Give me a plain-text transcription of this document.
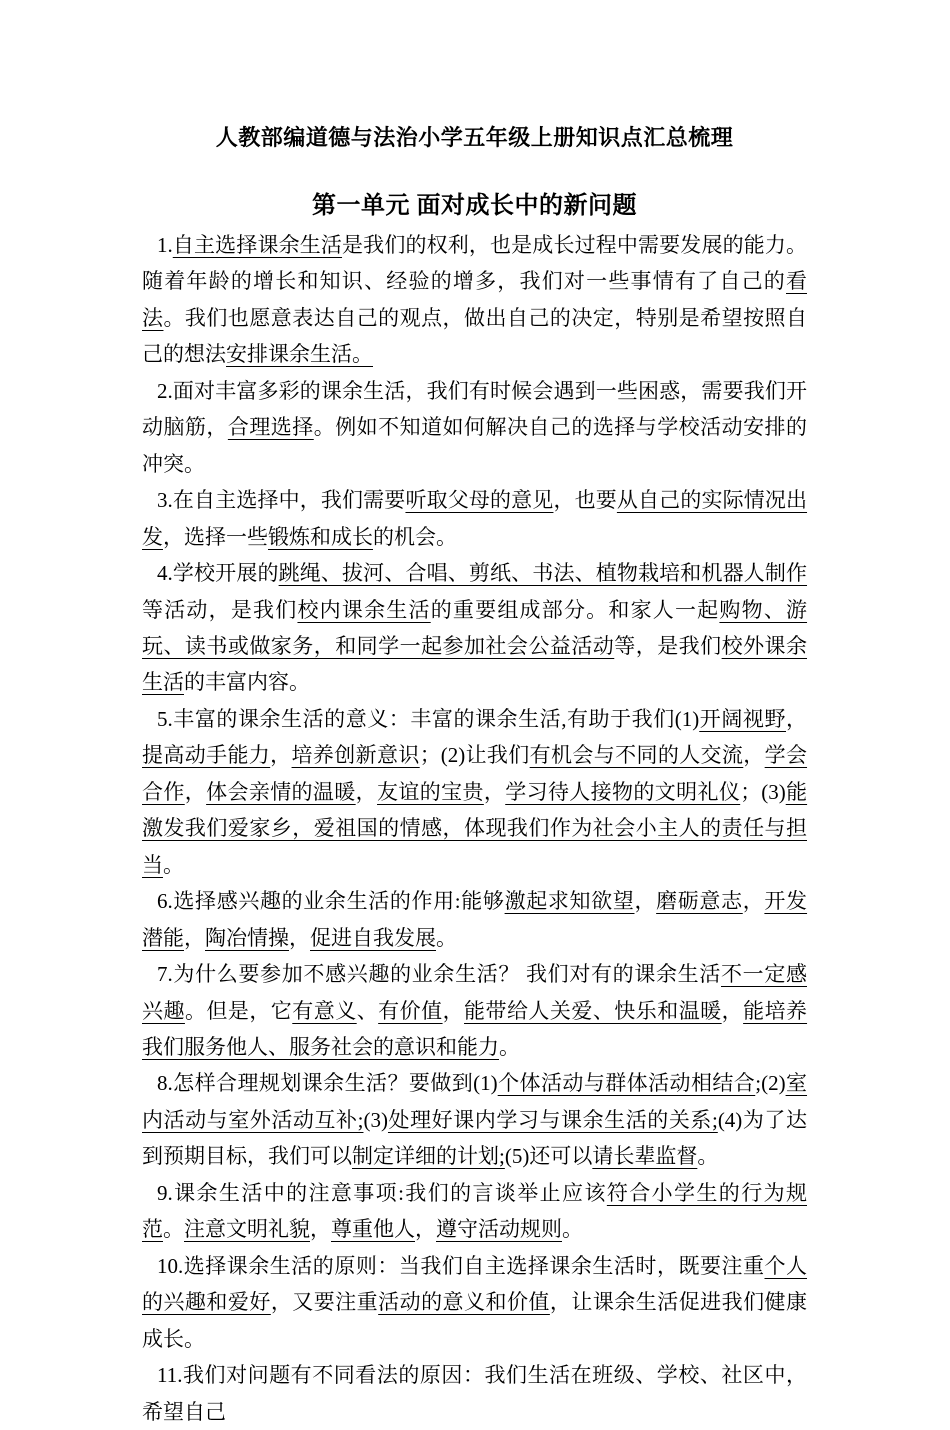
人教部编道德与法治小学五年级上册知识点汇总梳理
第一单元 面对成长中的新问题

1.自主选择课余生活是我们的权利，也是成长过程中需要发展的能力。随着年龄的增长和知识、经验的增多，我们对一些事情有了自己的看法。我们也愿意表达自己的观点，做出自己的决定，特别是希望按照自己的想法安排课余生活。

2.面对丰富多彩的课余生活，我们有时候会遇到一些困惑，需要我们开动脑筋，合理选择。例如不知道如何解决自己的选择与学校活动安排的冲突。

3.在自主选择中，我们需要听取父母的意见，也要从自己的实际情况出发，选择一些锻炼和成长的机会。

4.学校开展的跳绳、拔河、合唱、剪纸、书法、植物栽培和机器人制作等活动，是我们校内课余生活的重要组成部分。和家人一起购物、游玩、读书或做家务，和同学一起参加社会公益活动等，是我们校外课余生活的丰富内容。

5.丰富的课余生活的意义：丰富的课余生活,有助于我们(1)开阔视野，提高动手能力，培养创新意识；(2)让我们有机会与不同的人交流，学会合作，体会亲情的温暖，友谊的宝贵，学习待人接物的文明礼仪；(3)能激发我们爱家乡，爱祖国的情感，体现我们作为社会小主人的责任与担当。

6.选择感兴趣的业余生活的作用:能够激起求知欲望，磨砺意志，开发潜能，陶冶情操，促进自我发展。

7.为什么要参加不感兴趣的业余生活？ 我们对有的课余生活不一定感兴趣。但是，它有意义、有价值，能带给人关爱、快乐和温暖，能培养我们服务他人、服务社会的意识和能力。

8.怎样合理规划课余生活？要做到(1)个体活动与群体活动相结合;(2)室内活动与室外活动互补;(3)处理好课内学习与课余生活的关系;(4)为了达到预期目标，我们可以制定详细的计划;(5)还可以请长辈监督。

9.课余生活中的注意事项:我们的言谈举止应该符合小学生的行为规范。注意文明礼貌，尊重他人，遵守活动规则。

10.选择课余生活的原则：当我们自主选择课余生活时，既要注重个人的兴趣和爱好，又要注重活动的意义和价值，让课余生活促进我们健康成长。

11.我们对问题有不同看法的原因：我们生活在班级、学校、社区中，希望自己
